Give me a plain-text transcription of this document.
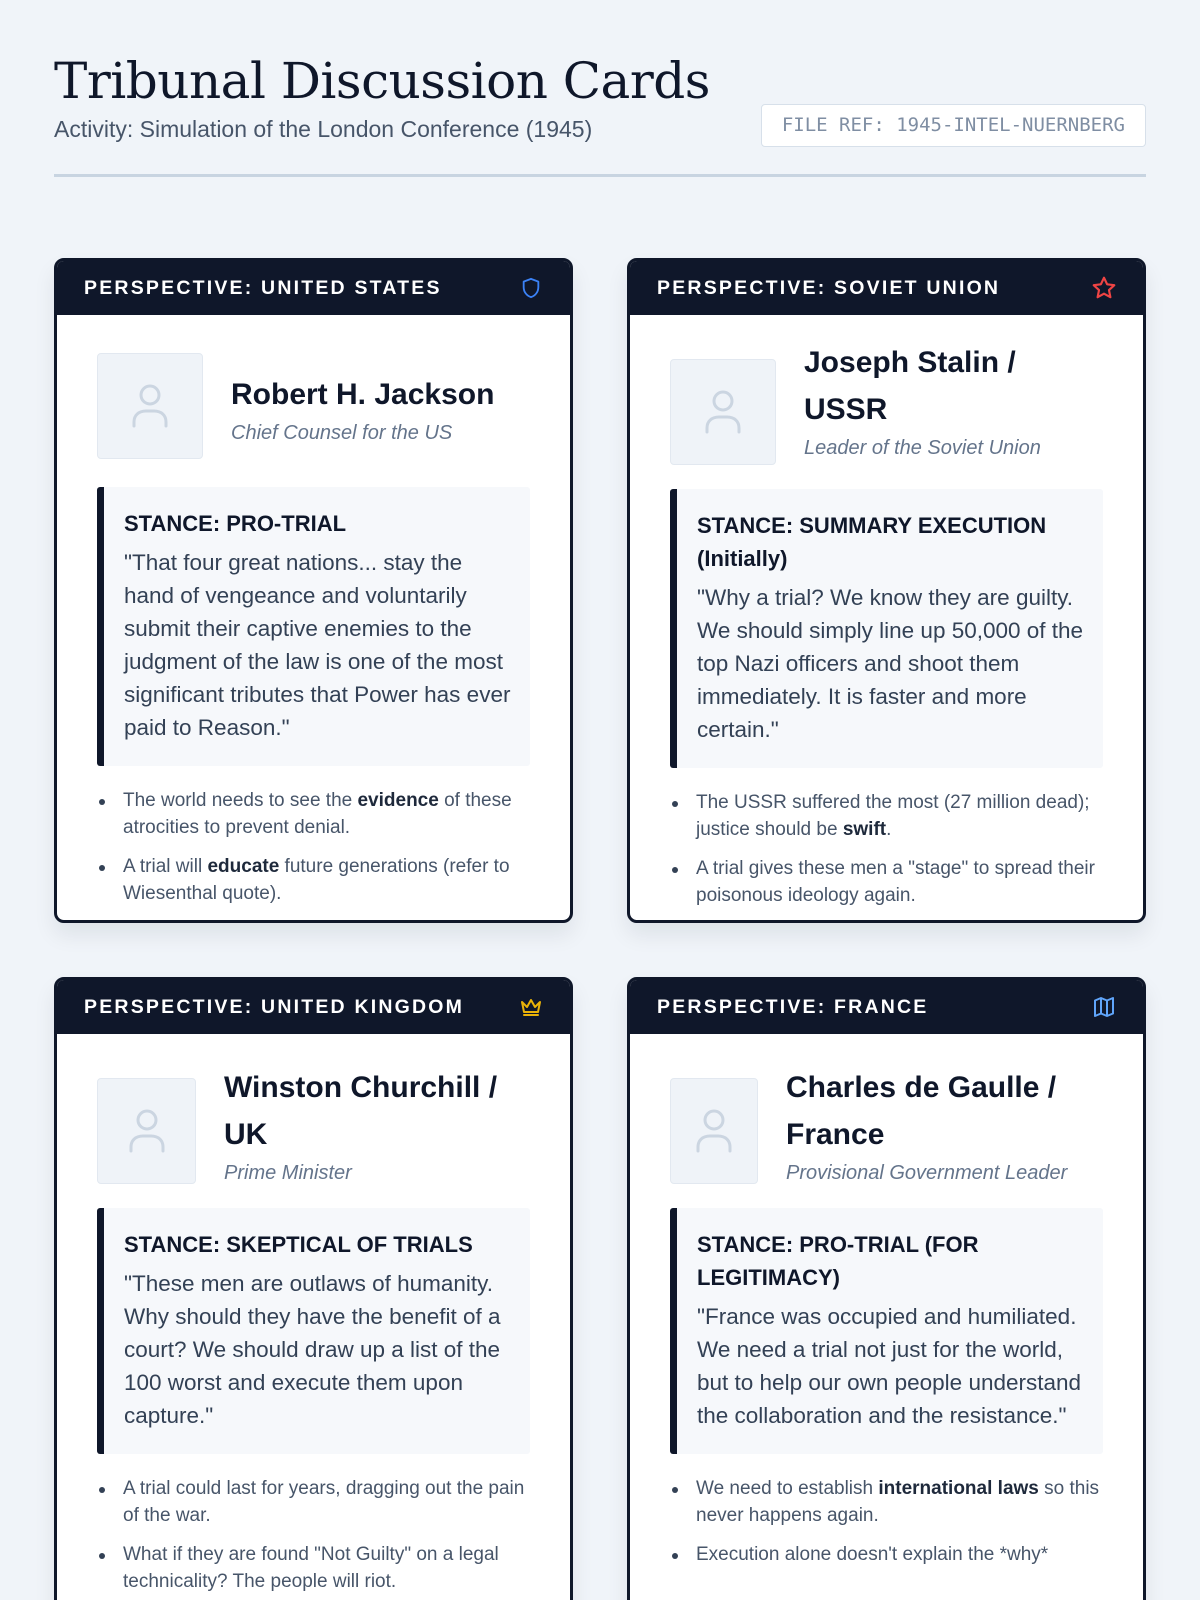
Tribunal Discussion Cards
Activity: Simulation of the London Conference (1945)	FILE REF: 1945-INTEL-NUERNBERG
PERSPECTIVE: UNITED STATES
Robert H. Jackson
Chief Counsel for the US
STANCE: PRO-TRIAL
"That four great nations... stay the hand of vengeance and voluntarily submit their captive enemies to the judgment of the law is one of the most significant tributes that Power has ever paid to Reason."
The world needs to see the evidence of these atrocities to prevent denial.
A trial will educate future generations (refer to Wiesenthal quote).
PERSPECTIVE: SOVIET UNION
Joseph Stalin / USSR
Leader of the Soviet Union
STANCE: SUMMARY EXECUTION (Initially)
"Why a trial? We know they are guilty. We should simply line up 50,000 of the top Nazi officers and shoot them immediately. It is faster and more certain."
The USSR suffered the most (27 million dead); justice should be swift.
A trial gives these men a "stage" to spread their poisonous ideology again.
PERSPECTIVE: UNITED KINGDOM
Winston Churchill / UK
Prime Minister
STANCE: SKEPTICAL OF TRIALS
"These men are outlaws of humanity. Why should they have the benefit of a court? We should draw up a list of the 100 worst and execute them upon capture."
A trial could last for years, dragging out the pain of the war.
What if they are found "Not Guilty" on a legal technicality? The people will riot.
PERSPECTIVE: FRANCE
Charles de Gaulle / France
Provisional Government Leader
STANCE: PRO-TRIAL (FOR LEGITIMACY)
"France was occupied and humiliated. We need a trial not just for the world, but to help our own people understand the collaboration and the resistance."
We need to establish international laws so this never happens again.
Execution alone doesn't explain the *why*
